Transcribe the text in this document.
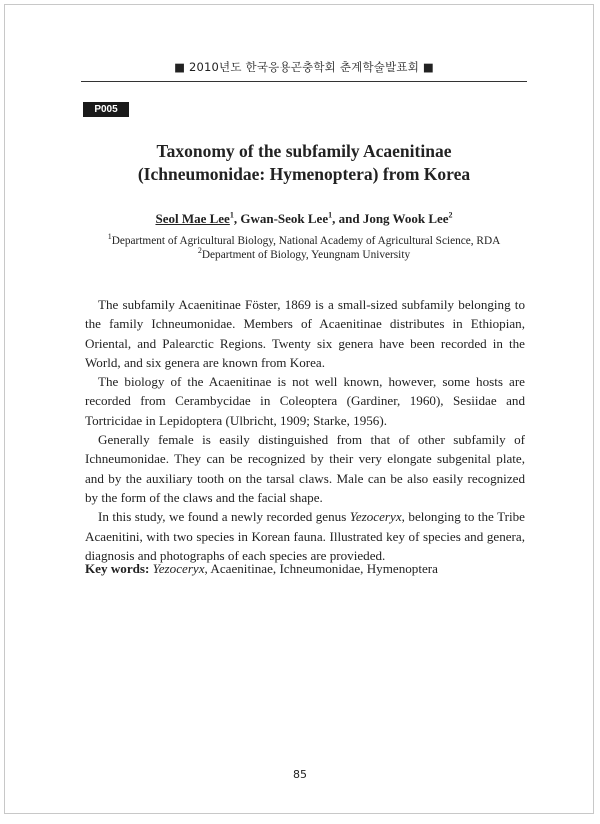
■ 2010년도 한국응용곤충학회 춘계학술발표회 ■
P005
Taxonomy of the subfamily Acaenitinae
(Ichneumonidae: Hymenoptera) from Korea
Seol Mae Lee$^1$, Gwan-Seok Lee$^1$, and Jong Wook Lee$^2$
$^1$Department of Agricultural Biology, National Academy of Agricultural Science, RDA
$^2$Department of Biology, Yeungnam University

The subfamily Acaenitinae Föster, 1869 is a small-sized subfamily belonging to the family Ichneumonidae. Members of Acaenitinae distributes in Ethiopian, Oriental, and Palearctic Regions. Twenty six genera have been recorded in the World, and six genera are known from Korea.

The biology of the Acaenitinae is not well known, however, some hosts are recorded from Cerambycidae in Coleoptera (Gardiner, 1960), Sesiidae and Tortricidae in Lepidoptera (Ulbricht, 1909; Starke, 1956).

Generally female is easily distinguished from that of other subfamily of Ichneumonidae. They can be recognized by their very elongate subgenital plate, and by the auxiliary tooth on the tarsal claws. Male can be also easily recognized by the form of the claws and the facial shape.

In this study, we found a newly recorded genus Yezoceryx, belonging to the Tribe Acaenitini, with two species in Korean fauna. Illustrated key of species and genera, diagnosis and photographs of each species are provieded.

Key words: Yezoceryx, Acaenitinae, Ichneumonidae, Hymenoptera
85
